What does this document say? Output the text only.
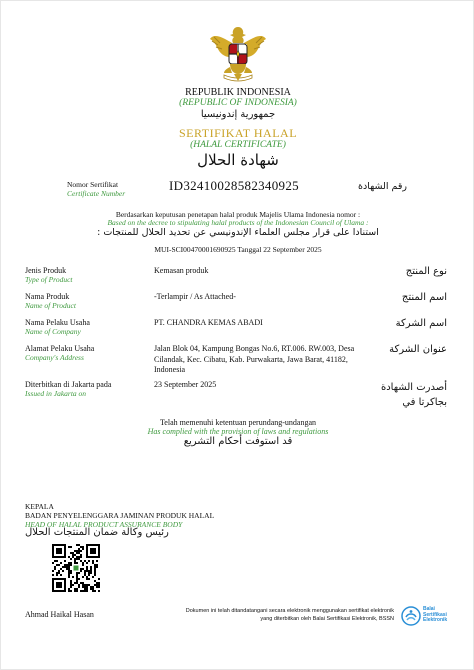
REPUBLIK INDONESIA
(REPUBLIC OF INDONESIA)
جمهورية إندونيسيا
SERTIFIKAT HALAL
(HALAL CERTIFICATE)
شهادة الحلال
Nomor Sertifikat
Certificate Number
ID32410028582340925	رقم الشهادة
Berdasarkan keputusan penetapan halal produk Majelis Ulama Indonesia nomor :
Based on the decree to stipulating halal products of the Indonesian Council of Ulama :
استنادا على قرار مجلس العلماء الإندونيسي عن تحديد الحلال للمنتجات :
MUI-SCI00470001690925 Tanggal 22 September 2025
Jenis Produk
Type of Product
Kemasan produk	نوع المنتج
Nama Produk
Name of Product
-Terlampir / As Attached-	اسم المنتج
Nama Pelaku Usaha
Name of Company
PT. CHANDRA KEMAS ABADI	اسم الشركة
Alamat Pelaku Usaha
Company's Address
Jalan Blok 04, Kampung Bongas No.6, RT.006. RW.003, Desa Cilandak, Kec. Cibatu, Kab. Purwakarta, Jawa Barat, 41182, Indonesia
عنوان الشركة
Diterbitkan di Jakarta pada
Issued in Jakarta on
23 September 2025	أصدرت الشهادة بجاكرتا في
Telah memenuhi ketentuan perundang-undangan
Has complied with the provision of laws and regulations
قد استوفت أحكام التشريع
KEPALA
BADAN PENYELENGGARA JAMINAN PRODUK HALAL
HEAD OF HALAL PRODUCT ASSURANCE BODY
رئيس وكالة ضمان المنتجات الحلال
Ahmad Haikal Hasan	Dokumen ini telah ditandatangani secara elektronik menggunakan sertifikat elektronik
yang diterbitkan oleh Balai Sertifikasi Elektronik, BSSN
Balai
Sertifikasi
Elektronik
